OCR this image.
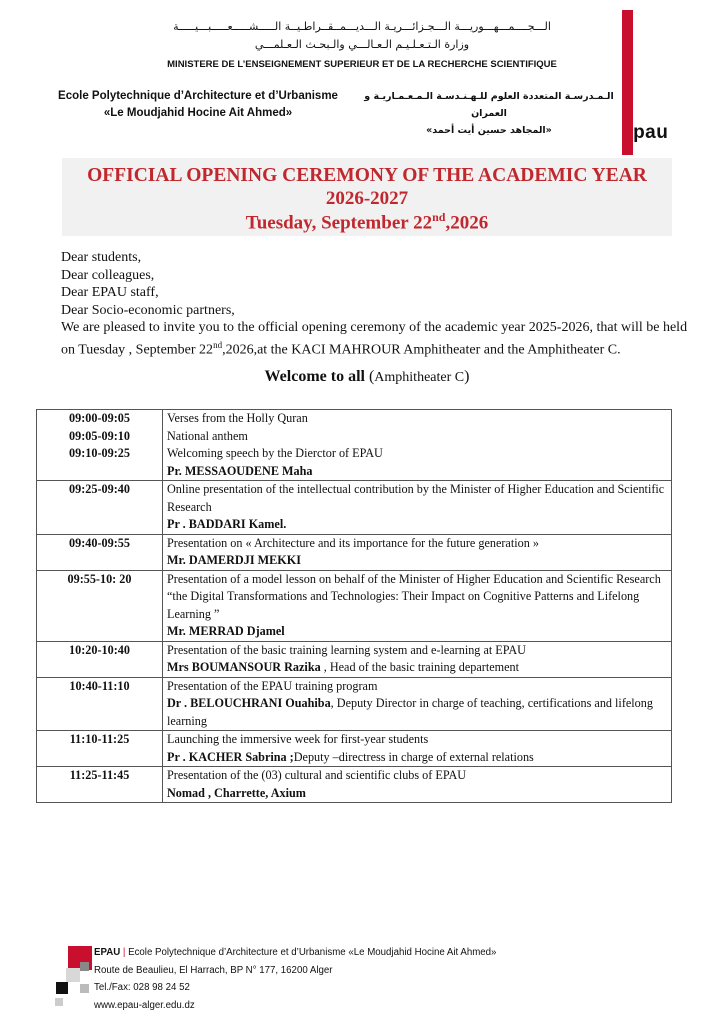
الـــجــــمـــهـــوريـــة الـــجـزائـــريـة الـــديـــمــقــراطـيــة الـــــشـــــعـــــبـــيـــــة
وزارة الـتـعـلـيـم الـعـالـــي والـبحـث الـعـلمـــي
MINISTERE DE L’ENSEIGNEMENT SUPERIEUR ET DE LA RECHERCHE SCIENTIFIQUE
Ecole Polytechnique d’Architecture et d’Urbanisme
«Le Moudjahid Hocine Ait Ahmed»
الـمـدرسـة المتعددة العلوم للـهـنـدسـة الـمـعـمـاريـة و العمران
«المجاهد حسين أيت أحمد»	epau
OFFICIAL OPENING CEREMONY OF THE ACADEMIC YEAR
2026-2027
Tuesday, September 22nd,2026

Dear students,

Dear colleagues,

Dear EPAU staff,

Dear Socio-economic partners,

We are pleased to invite you to the official opening ceremony of the academic year 2025-2026, that will be held on Tuesday , September 22nd,2026,at the KACI MAHROUR Amphitheater and the Amphitheater C.

Welcome to all (Amphitheater C)
09:00-09:05	Verses from the Holly Quran

09:05-09:10	National anthem

09:10-09:25	Welcoming speech by the Dierctor of EPAU
Pr. MESSAOUDENE Maha

09:25-09:40	Online presentation of the intellectual contribution by the Minister of Higher Education and Scientific Research
Pr . BADDARI Kamel.

09:40-09:55	Presentation on « Architecture and its importance for the future generation »
Mr. DAMERDJI MEKKI

09:55-10: 20	Presentation of a model lesson on behalf of the Minister of Higher Education and Scientific Research “the Digital Transformations and Technologies: Their Impact on Cognitive Patterns and Lifelong Learning ”
Mr. MERRAD Djamel

10:20-10:40	Presentation of the basic training learning system and e-learning at EPAU
Mrs BOUMANSOUR Razika , Head of the basic training departement

10:40-11:10	Presentation of the EPAU training program
Dr . BELOUCHRANI Ouahiba, Deputy Director in charge of teaching, certifications and lifelong learning

11:10-11:25	Launching the immersive week for first-year students
Pr . KACHER Sabrina ;Deputy –directress in charge of external relations

11:25-11:45	Presentation of the (03) cultural and scientific clubs of EPAU
Nomad , Charrette, Axium
EPAU | Ecole Polytechnique d’Architecture et d’Urbanisme «Le Moudjahid Hocine Ait Ahmed»
Route de Beaulieu, El Harrach, BP N° 177, 16200 Alger
Tel./Fax: 028 98 24 52
www.epau-alger.edu.dz
